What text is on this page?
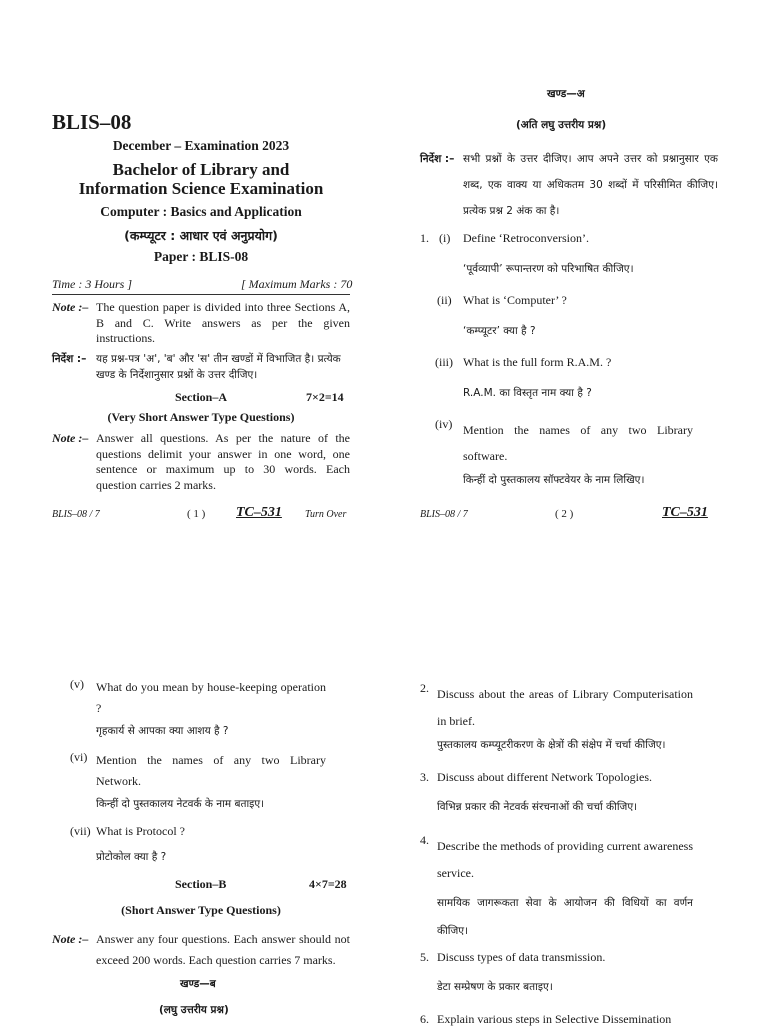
BLIS–08
December – Examination 2023
Bachelor of Library and
Information Science Examination
Computer : Basics and Application
(कम्प्यूटर : आधार एवं अनुप्रयोग)
Paper : BLIS-08
Time : 3 Hours ]	[ Maximum Marks : 70
Note :– The question paper is divided into three Sections A, B and C. Write answers as per the given instructions.
निर्देश :– यह प्रश्न-पत्र 'अ', 'ब' और 'स' तीन खण्डों में विभाजित है। प्रत्येक खण्ड के निर्देशानुसार प्रश्नों के उत्तर दीजिए।
Section–A	7×2=14
(Very Short Answer Type Questions)
Note :– Answer all questions. As per the nature of the questions delimit your answer in one word, one sentence or maximum up to 30 words. Each question carries 2 marks.
BLIS–08 / 7	( 1 ) TC–531 Turn Over
खण्ड—अ
(अति लघु उत्तरीय प्रश्न)
निर्देश :– सभी प्रश्नों के उत्तर दीजिए। आप अपने उत्तर को प्रश्नानुसार एक शब्द, एक वाक्य या अधिकतम 30 शब्दों में परिसीमित कीजिए। प्रत्येक प्रश्न 2 अंक का है।
1. (i) Define ‘Retroconversion’.
‘पूर्वव्यापी’ रूपान्तरण को परिभाषित कीजिए।
(ii) What is ‘Computer’ ?
‘कम्प्यूटर’ क्या है ?
(iii) What is the full form R.A.M. ?
R.A.M. का विस्तृत नाम क्या है ?
(iv) Mention the names of any two Library software.
किन्हीं दो पुस्तकालय सॉफ्टवेयर के नाम लिखिए।
BLIS–08 / 7	( 2 )	TC–531
(v) What do you mean by house-keeping operation ?
गृहकार्य से आपका क्या आशय है ?
(vi) Mention the names of any two Library Network.
किन्हीं दो पुस्तकालय नेटवर्क के नाम बताइए।
(vii) What is Protocol ?
प्रोटोकोल क्या है ?
Section–B	4×7=28
(Short Answer Type Questions)
Note :– Answer any four questions. Each answer should not exceed 200 words. Each question carries 7 marks.
खण्ड—ब
(लघु उत्तरीय प्रश्न)
2. Discuss about the areas of Library Computerisation in brief.
पुस्तकालय कम्प्यूटरीकरण के क्षेत्रों की संक्षेप में चर्चा कीजिए।
3. Discuss about different Network Topologies.
विभिन्न प्रकार की नेटवर्क संरचनाओं की चर्चा कीजिए।
4. Describe the methods of providing current awareness service.
सामयिक जागरूकता सेवा के आयोजन की विधियों का वर्णन कीजिए।
5. Discuss types of data transmission.
डेटा सम्प्रेषण के प्रकार बताइए।
6. Explain various steps in Selective Dissemination
